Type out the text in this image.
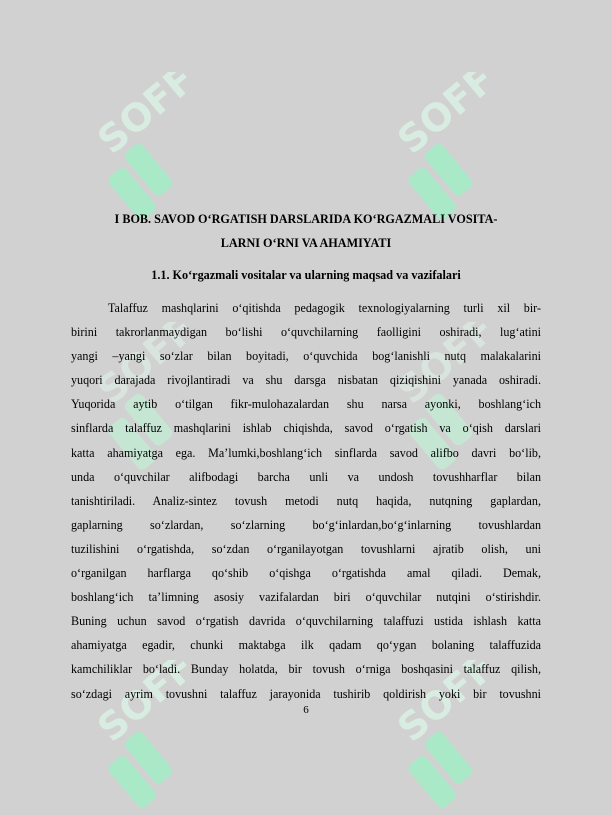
SOFF	SOFF
SOFF	SOFF
SOFF	SOFF
I BOB. SAVOD O‘RGATISH DARSLARIDA KO‘RGAZMALI VOSITA-
LARNI O‘RNI VA AHAMIYATI
1.1. Ko‘rgazmali vositalar va ularning maqsad va vazifalari
Talaffuz mashqlarini o‘qitishda pedagogik texnologiyalarning turli xil bir-
birini takrorlanmaydigan bo‘lishi o‘quvchilarning faolligini oshiradi, lug‘atini
yangi –yangi so‘zlar bilan boyitadi, o‘quvchida bog‘lanishli nutq malakalarini
yuqori darajada rivojlantiradi va shu darsga nisbatan qiziqishini yanada oshiradi.
Yuqorida aytib o‘tilgan fikr-mulohazalardan shu narsa ayonki, boshlang‘ich
sinflarda talaffuz mashqlarini ishlab chiqishda, savod o‘rgatish va o‘qish darslari
katta ahamiyatga ega. Ma’lumki,boshlang‘ich sinflarda savod alifbo davri bo‘lib,
unda o‘quvchilar alifbodagi barcha unli va undosh tovushharflar bilan
tanishtiriladi. Analiz-sintez tovush metodi nutq haqida, nutqning gaplardan,
gaplarning so‘zlardan, so‘zlarning bo‘g‘inlardan,bo‘g‘inlarning tovushlardan
tuzilishini o‘rgatishda, so‘zdan o‘rganilayotgan tovushlarni ajratib olish, uni
o‘rganilgan harflarga qo‘shib o‘qishga o‘rgatishda amal qiladi. Demak,
boshlang‘ich ta’limning asosiy vazifalardan biri o‘quvchilar nutqini o‘stirishdir.
Buning uchun savod o‘rgatish davrida o‘quvchilarning talaffuzi ustida ishlash katta
ahamiyatga egadir, chunki maktabga ilk qadam qo‘ygan bolaning talaffuzida
kamchiliklar bo‘ladi. Bunday holatda, bir tovush o‘rniga boshqasini talaffuz qilish,
so‘zdagi ayrim tovushni talaffuz jarayonida tushirib qoldirish yoki bir tovushni
6
